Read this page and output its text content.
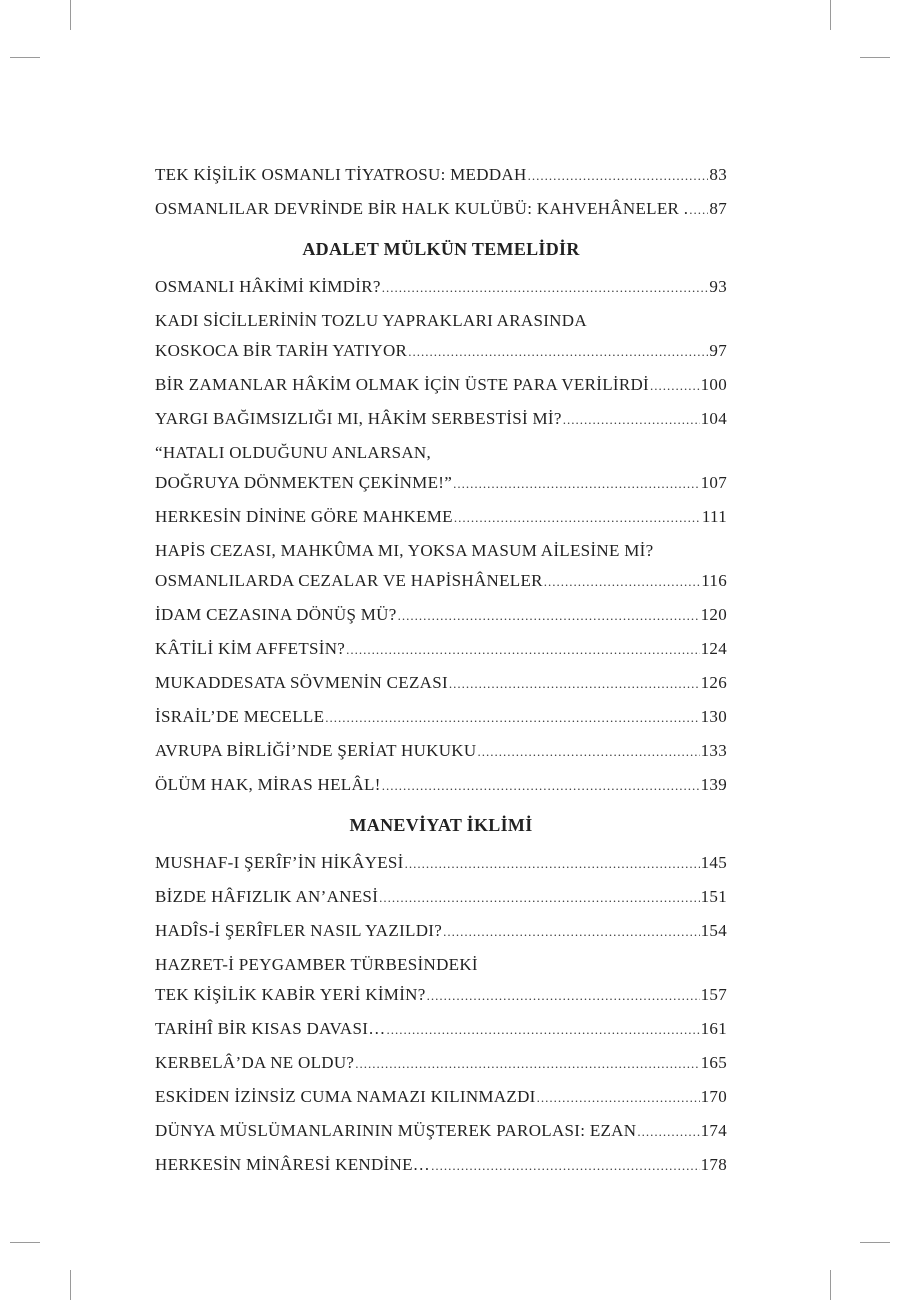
TEK KİŞİLİK OSMANLI TİYATROSU: MEDDAH .....	83
OSMANLILAR DEVRİNDE BİR HALK KULÜBÜ: KAHVEHÂNELER . ..... 87
ADALET MÜLKÜN TEMELİDİR
OSMANLI HÂKİMİ KİMDİR? .....	93
KADI SİCİLLERİNİN TOZLU YAPRAKLARI ARASINDA
KOSKOCA BİR TARİH YATIYOR .....	97
BİR ZAMANLAR HÂKİM OLMAK İÇİN ÜSTE PARA VERİLİRDİ .....	100
YARGI BAĞIMSIZLIĞI MI, HÂKİM SERBESTİSİ Mİ? .....	104
“HATALI OLDUĞUNU ANLARSAN,
DOĞRUYA DÖNMEKTEN ÇEKİNME!” .....	107
HERKESİN DİNİNE GÖRE MAHKEME .....	111
HAPİS CEZASI, MAHKÛMA MI, YOKSA MASUM AİLESİNE Mİ?
OSMANLILARDA CEZALAR VE HAPİSHÂNELER .....	116
İDAM CEZASINA DÖNÜŞ MÜ? .....	120
KÂTİLİ KİM AFFETSİN? .....	124
MUKADDESATA SÖVMENİN CEZASI .....	126
İSRAİL’DE MECELLE .....	130
AVRUPA BİRLİĞİ’NDE ŞERİAT HUKUKU .....	133
ÖLÜM HAK, MİRAS HELÂL! .....	139
MANEVİYAT İKLİMİ
MUSHAF-I ŞERÎF’İN HİKÂYESİ .....	145
BİZDE HÂFIZLIK AN’ANESİ .....	151
HADÎS-İ ŞERÎFLER NASIL YAZILDI? .....	154
HAZRET-İ PEYGAMBER TÜRBESİNDEKİ
TEK KİŞİLİK KABİR YERİ KİMİN? .....	157
TARİHÎ BİR KISAS DAVASI… .....	161
KERBELÂ’DA NE OLDU? .....	165
ESKİDEN İZİNSİZ CUMA NAMAZI KILINMAZDI .....	170
DÜNYA MÜSLÜMANLARININ MÜŞTEREK PAROLASI: EZAN .....	174
HERKESİN MİNÂRESİ KENDİNE… .....	178
